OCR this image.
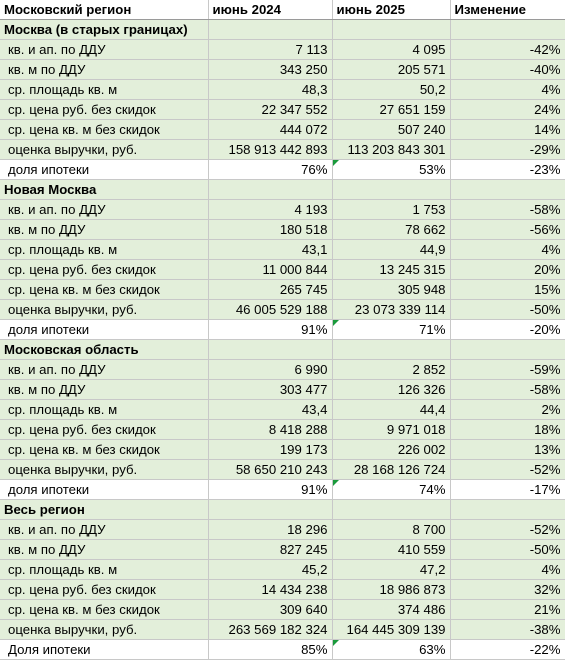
Московский регион	июнь 2024	июнь 2025	Изменение
Москва (в старых границах)			
кв. и ап. по ДДУ	7 113	4 095	-42%
кв. м по ДДУ	343 250	205 571	-40%
ср. площадь кв. м	48,3	50,2	4%
ср. цена руб. без скидок	22 347 552	27 651 159	24%
ср. цена кв. м без скидок	444 072	507 240	14%
оценка выручки, руб.	158 913 442 893	113 203 843 301	-29%
доля ипотеки	76%	53%	-23%
Новая Москва			
кв. и ап. по ДДУ	4 193	1 753	-58%
кв. м по ДДУ	180 518	78 662	-56%
ср. площадь кв. м	43,1	44,9	4%
ср. цена руб. без скидок	11 000 844	13 245 315	20%
ср. цена кв. м без скидок	265 745	305 948	15%
оценка выручки, руб.	46 005 529 188	23 073 339 114	-50%
доля ипотеки	91%	71%	-20%
Московская область			
кв. и ап. по ДДУ	6 990	2 852	-59%
кв. м по ДДУ	303 477	126 326	-58%
ср. площадь кв. м	43,4	44,4	2%
ср. цена руб. без скидок	8 418 288	9 971 018	18%
ср. цена кв. м без скидок	199 173	226 002	13%
оценка выручки, руб.	58 650 210 243	28 168 126 724	-52%
доля ипотеки	91%	74%	-17%
Весь регион			
кв. и ап. по ДДУ	18 296	8 700	-52%
кв. м по ДДУ	827 245	410 559	-50%
ср. площадь кв. м	45,2	47,2	4%
ср. цена руб. без скидок	14 434 238	18 986 873	32%
ср. цена кв. м без скидок	309 640	374 486	21%
оценка выручки, руб.	263 569 182 324	164 445 309 139	-38%
Доля ипотеки	85%	63%	-22%
